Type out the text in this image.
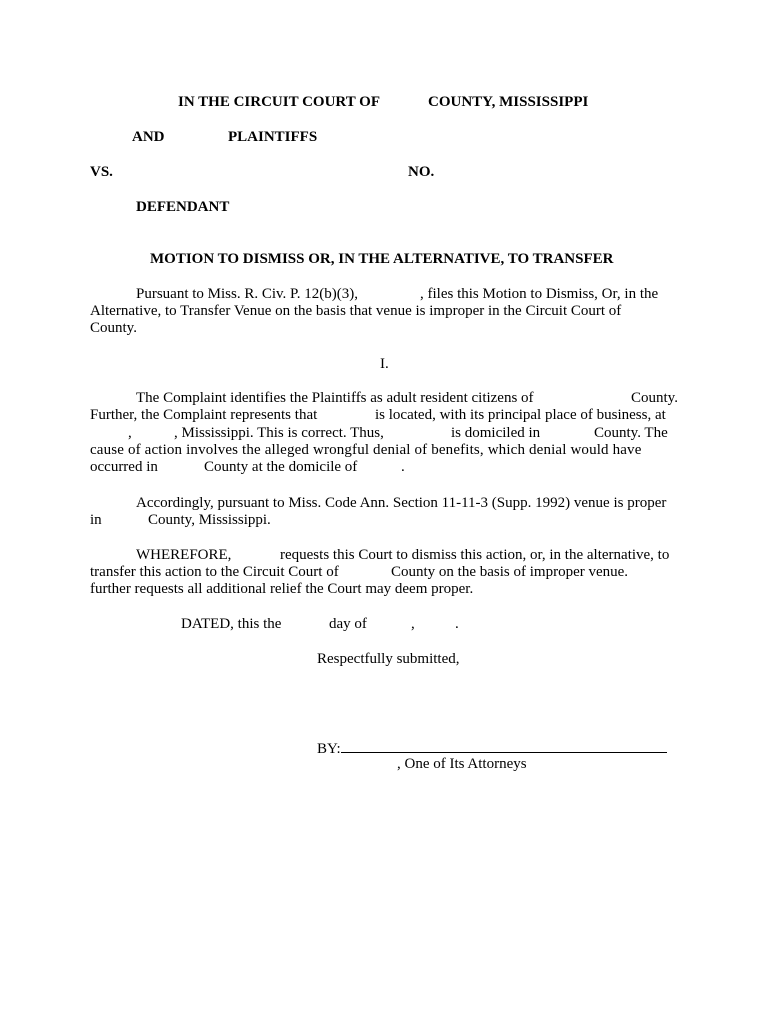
IN THE CIRCUIT COURT OF	COUNTY, MISSISSIPPI
AND	PLAINTIFFS
VS.	NO.
DEFENDANT
MOTION TO DISMISS OR, IN THE ALTERNATIVE, TO TRANSFER
Pursuant to Miss. R. Civ. P. 12(b)(3),	, files this Motion to Dismiss, Or, in the
Alternative, to Transfer Venue on the basis that venue is improper in the Circuit Court of
County.
I.
The Complaint identifies the Plaintiffs as adult resident citizens of	County.
Further, the Complaint represents that	is located, with its principal place of business, at
,	, Mississippi. This is correct. Thus,	is domiciled in	County. The
cause of action involves the alleged wrongful denial of benefits, which denial would have
occurred in	County at the domicile of	.
Accordingly, pursuant to Miss. Code Ann. Section 11-11-3 (Supp. 1992) venue is proper
in	County, Mississippi.
WHEREFORE,	requests this Court to dismiss this action, or, in the alternative, to
transfer this action to the Circuit Court of	County on the basis of improper venue.
further requests all additional relief the Court may deem proper.
DATED, this the	day of	,	.
Respectfully submitted,
BY:
, One of Its Attorneys
